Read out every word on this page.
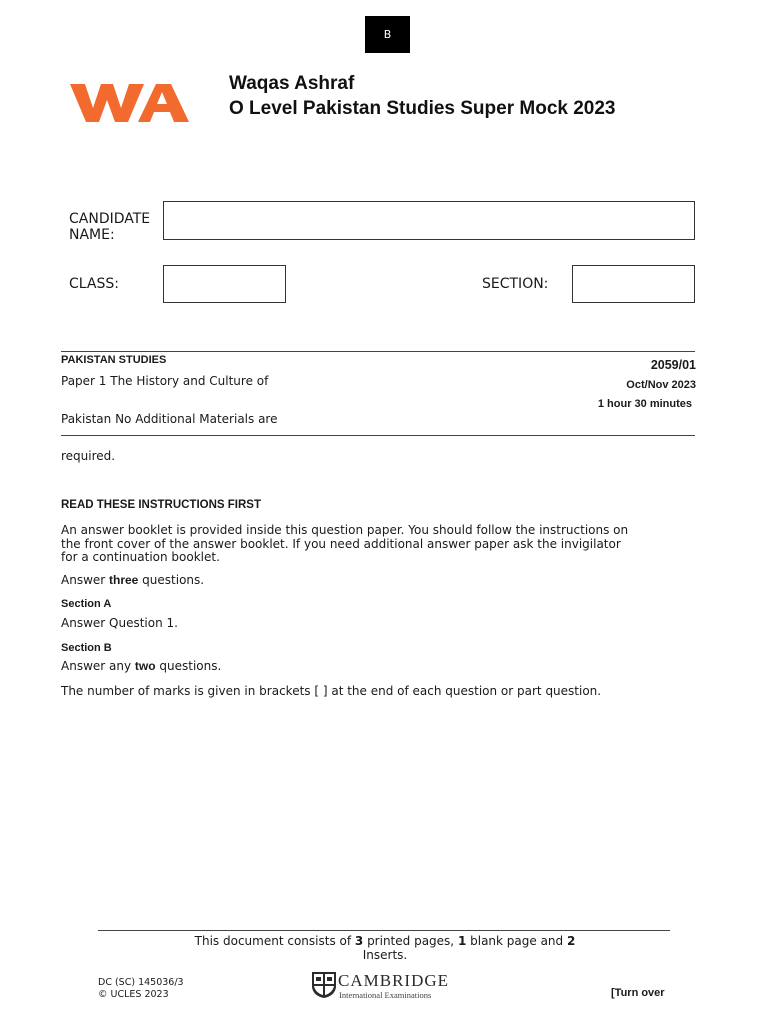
B
Waqas Ashraf
O Level Pakistan Studies Super Mock 2023
CANDIDATE
NAME:
CLASS:	SECTION:
PAKISTAN STUDIES
Paper 1 The History and Culture of
Pakistan No Additional Materials are
2059/01
Oct/Nov 2023
1 hour 30 minutes
required.
READ THESE INSTRUCTIONS FIRST
An answer booklet is provided inside this question paper. You should follow the instructions on the front cover of the answer booklet. If you need additional answer paper ask the invigilator for a continuation booklet.
Answer three questions.
Section A
Answer Question 1.
Section B
Answer any two questions.
The number of marks is given in brackets [ ] at the end of each question or part question.
This document consists of 3 printed pages, 1 blank page and 2
Inserts.
DC (SC) 145036/3
© UCLES 2023
CAMBRIDGE
International Examinations	[Turn over
